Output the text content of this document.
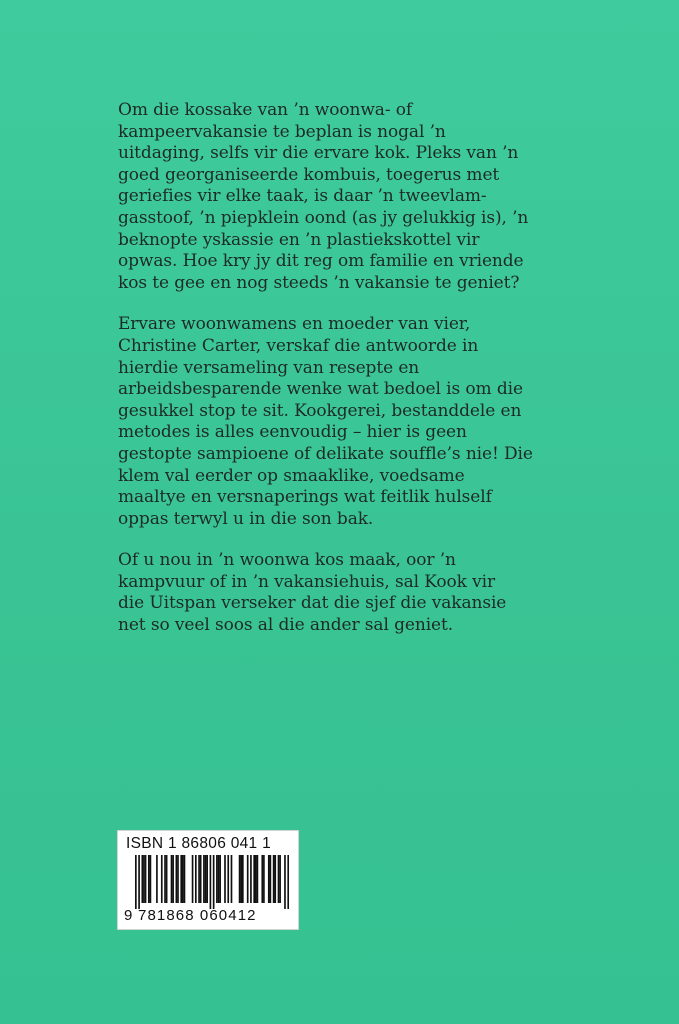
Om die kossake van ’n woonwa- of
kampeervakansie te beplan is nogal ’n
uitdaging, selfs vir die ervare kok. Pleks van ’n
goed georganiseerde kombuis, toegerus met
geriefies vir elke taak, is daar ’n tweevlam-
gasstoof, ’n piepklein oond (as jy gelukkig is), ’n
beknopte yskassie en ’n plastiekskottel vir
opwas. Hoe kry jy dit reg om familie en vriende
kos te gee en nog steeds ’n vakansie te geniet?

Ervare woonwamens en moeder van vier,
Christine Carter, verskaf die antwoorde in
hierdie versameling van resepte en
arbeidsbesparende wenke wat bedoel is om die
gesukkel stop te sit. Kookgerei, bestanddele en
metodes is alles eenvoudig – hier is geen
gestopte sampioene of delikate souffle’s nie! Die
klem val eerder op smaaklike, voedsame
maaltye en versnaperings wat feitlik hulself
oppas terwyl u in die son bak.

Of u nou in ’n woonwa kos maak, oor ’n
kampvuur of in ’n vakansiehuis, sal Kook vir
die Uitspan verseker dat die sjef die vakansie
net so veel soos al die ander sal geniet.

ISBN 1 86806 041 1
9 781868 060412
